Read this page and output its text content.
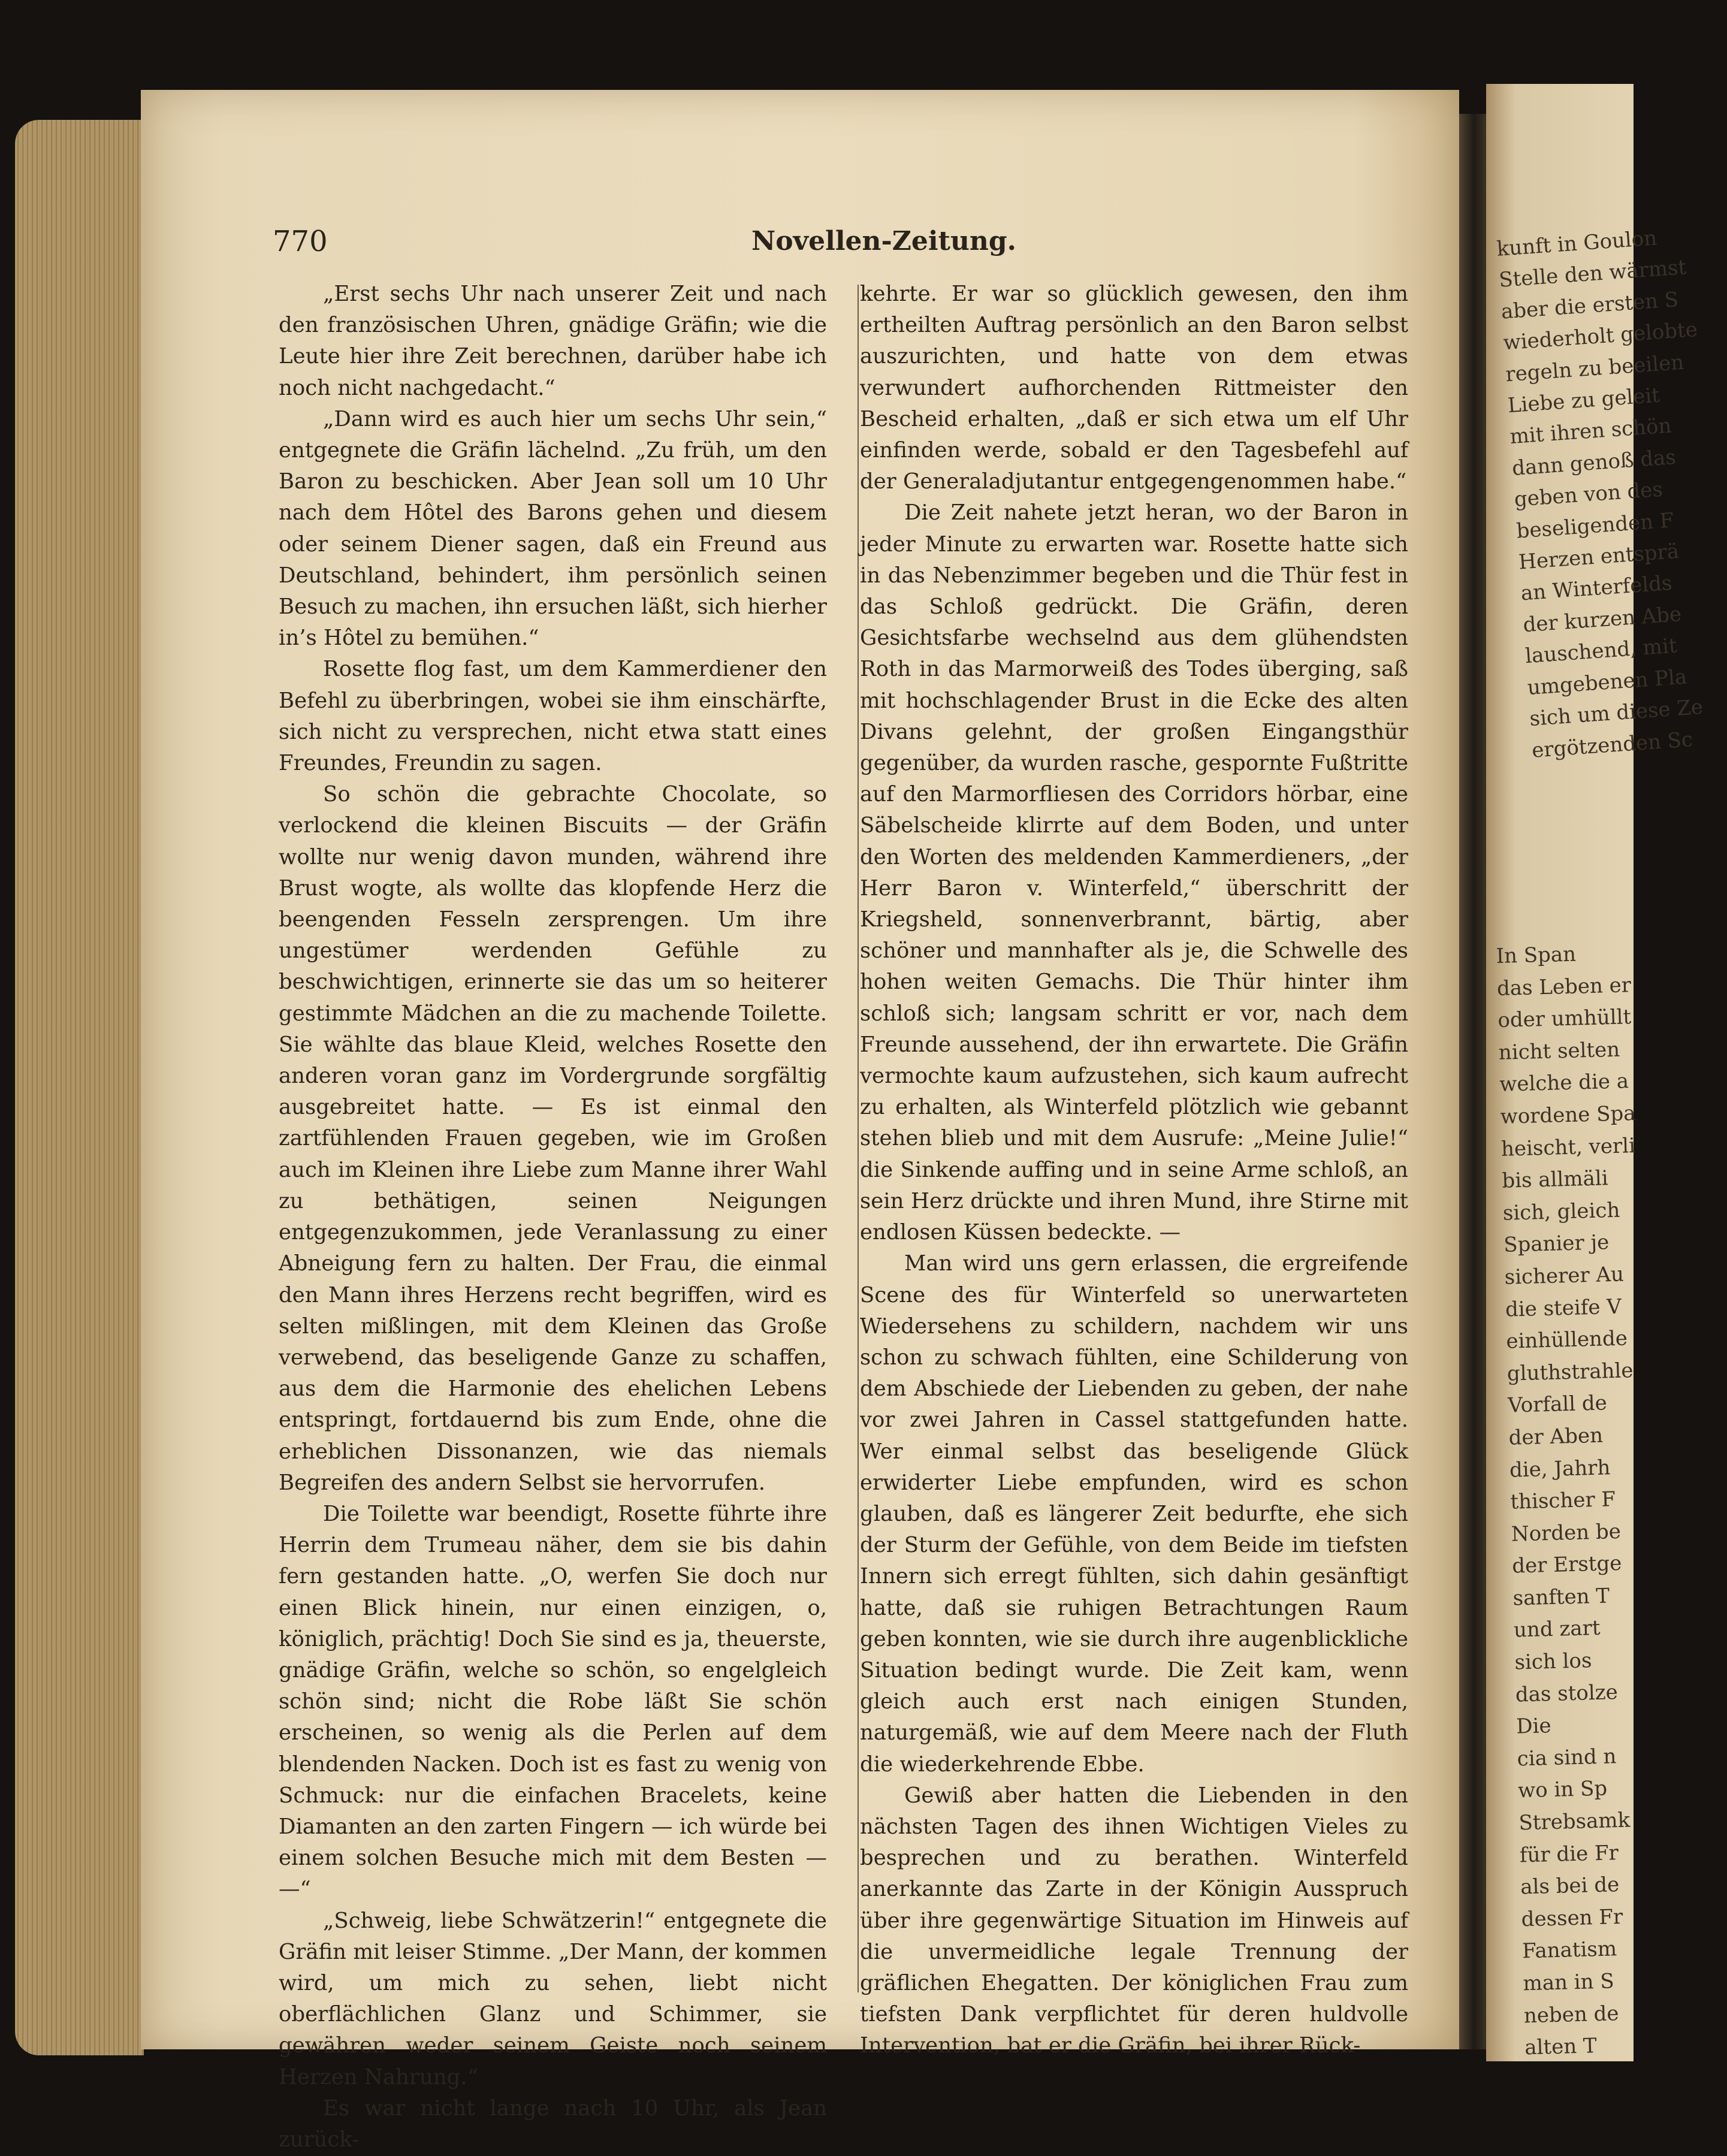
770	Novellen-Zeitung.

„Erst sechs Uhr nach unserer Zeit und nach den französischen Uhren, gnädige Gräfin; wie die Leute hier ihre Zeit berechnen, darüber habe ich noch nicht nachgedacht.“

„Dann wird es auch hier um sechs Uhr sein,“ entgegnete die Gräfin lächelnd. „Zu früh, um den Baron zu beschicken. Aber Jean soll um 10 Uhr nach dem Hôtel des Barons gehen und diesem oder seinem Diener sagen, daß ein Freund aus Deutschland, behindert, ihm persönlich seinen Besuch zu machen, ihn ersuchen läßt, sich hierher in’s Hôtel zu bemühen.“

Rosette flog fast, um dem Kammerdiener den Befehl zu überbringen, wobei sie ihm einschärfte, sich nicht zu versprechen, nicht etwa statt eines Freundes, Freundin zu sagen.

So schön die gebrachte Chocolate, so verlockend die kleinen Biscuits — der Gräfin wollte nur wenig davon munden, während ihre Brust wogte, als wollte das klopfende Herz die beengenden Fesseln zersprengen. Um ihre ungestümer werdenden Gefühle zu beschwichtigen, erinnerte sie das um so heiterer gestimmte Mädchen an die zu machende Toilette. Sie wählte das blaue Kleid, welches Rosette den anderen voran ganz im Vordergrunde sorgfältig ausgebreitet hatte. — Es ist einmal den zartfühlenden Frauen gegeben, wie im Großen auch im Kleinen ihre Liebe zum Manne ihrer Wahl zu bethätigen, seinen Neigungen entgegenzukommen, jede Veranlassung zu einer Abneigung fern zu halten. Der Frau, die einmal den Mann ihres Herzens recht begriffen, wird es selten mißlingen, mit dem Kleinen das Große verwebend, das beseligende Ganze zu schaffen, aus dem die Harmonie des ehelichen Lebens entspringt, fortdauernd bis zum Ende, ohne die erheblichen Dissonanzen, wie das niemals Begreifen des andern Selbst sie hervorrufen.

Die Toilette war beendigt, Rosette führte ihre Herrin dem Trumeau näher, dem sie bis dahin fern gestanden hatte. „O, werfen Sie doch nur einen Blick hinein, nur einen einzigen, o, königlich, prächtig! Doch Sie sind es ja, theuerste, gnädige Gräfin, welche so schön, so engelgleich schön sind; nicht die Robe läßt Sie schön erscheinen, so wenig als die Perlen auf dem blendenden Nacken. Doch ist es fast zu wenig von Schmuck: nur die einfachen Bracelets, keine Diamanten an den zarten Fingern — ich würde bei einem solchen Besuche mich mit dem Besten — —“

„Schweig, liebe Schwätzerin!“ entgegnete die Gräfin mit leiser Stimme. „Der Mann, der kommen wird, um mich zu sehen, liebt nicht oberflächlichen Glanz und Schimmer, sie gewähren weder seinem Geiste noch seinem Herzen Nahrung.“

Es war nicht lange nach 10 Uhr, als Jean zurück-

kehrte. Er war so glücklich gewesen, den ihm ertheilten Auftrag persönlich an den Baron selbst auszurichten, und hatte von dem etwas verwundert aufhorchenden Rittmeister den Bescheid erhalten, „daß er sich etwa um elf Uhr einfinden werde, sobald er den Tagesbefehl auf der Generaladjutantur entgegengenommen habe.“

Die Zeit nahete jetzt heran, wo der Baron in jeder Minute zu erwarten war. Rosette hatte sich in das Nebenzimmer begeben und die Thür fest in das Schloß gedrückt. Die Gräfin, deren Gesichtsfarbe wechselnd aus dem glühendsten Roth in das Marmorweiß des Todes überging, saß mit hochschlagender Brust in die Ecke des alten Divans gelehnt, der großen Eingangsthür gegenüber, da wurden rasche, gespornte Fußtritte auf den Marmorfliesen des Corridors hörbar, eine Säbelscheide klirrte auf dem Boden, und unter den Worten des meldenden Kammerdieners, „der Herr Baron v. Winterfeld,“ überschritt der Kriegsheld, sonnenverbrannt, bärtig, aber schöner und mannhafter als je, die Schwelle des hohen weiten Gemachs. Die Thür hinter ihm schloß sich; langsam schritt er vor, nach dem Freunde aussehend, der ihn erwartete. Die Gräfin vermochte kaum aufzustehen, sich kaum aufrecht zu erhalten, als Winterfeld plötzlich wie gebannt stehen blieb und mit dem Ausrufe: „Meine Julie!“ die Sinkende auffing und in seine Arme schloß, an sein Herz drückte und ihren Mund, ihre Stirne mit endlosen Küssen bedeckte. —

Man wird uns gern erlassen, die ergreifende Scene des für Winterfeld so unerwarteten Wiedersehens zu schildern, nachdem wir uns schon zu schwach fühlten, eine Schilderung von dem Abschiede der Liebenden zu geben, der nahe vor zwei Jahren in Cassel stattgefunden hatte. Wer einmal selbst das beseligende Glück erwiderter Liebe empfunden, wird es schon glauben, daß es längerer Zeit bedurfte, ehe sich der Sturm der Gefühle, von dem Beide im tiefsten Innern sich erregt fühlten, sich dahin gesänftigt hatte, daß sie ruhigen Betrachtungen Raum geben konnten, wie sie durch ihre augenblickliche Situation bedingt wurde. Die Zeit kam, wenn gleich auch erst nach einigen Stunden, naturgemäß, wie auf dem Meere nach der Fluth die wiederkehrende Ebbe.

Gewiß aber hatten die Liebenden in den nächsten Tagen des ihnen Wichtigen Vieles zu besprechen und zu berathen. Winterfeld anerkannte das Zarte in der Königin Ausspruch über ihre gegenwärtige Situation im Hinweis auf die unvermeidliche legale Trennung der gräflichen Ehegatten. Der königlichen Frau zum tiefsten Dank verpflichtet für deren huldvolle Intervention, bat er die Gräfin, bei ihrer Rück-

kunft in Goulon
Stelle den wärmst
aber die ersten S
wiederholt gelobte
regeln zu beeilen
Liebe zu geleit
mit ihren schön
dann genoß das
geben von des
beseligenden F
Herzen entsprä
an Winterfelds
der kurzen Abe
lauschend, mit
umgebenen Pla
sich um diese Ze
ergötzenden Sc
In Span
das Leben er
oder umhüllt
nicht selten
welche die a
wordene Spa
heischt, verli
bis allmäli
sich, gleich
Spanier je
sicherer Au
die steife V
einhüllende
gluthstrahle
Vorfall de
der Aben
die, Jahrh
thischer F
Norden be
der Erstge
sanften T
und zart
sich los
das stolze
Die
cia sind n
wo in Sp
Strebsamk
für die Fr
als bei de
dessen Fr
Fanatism
man in S
neben de
alten T
